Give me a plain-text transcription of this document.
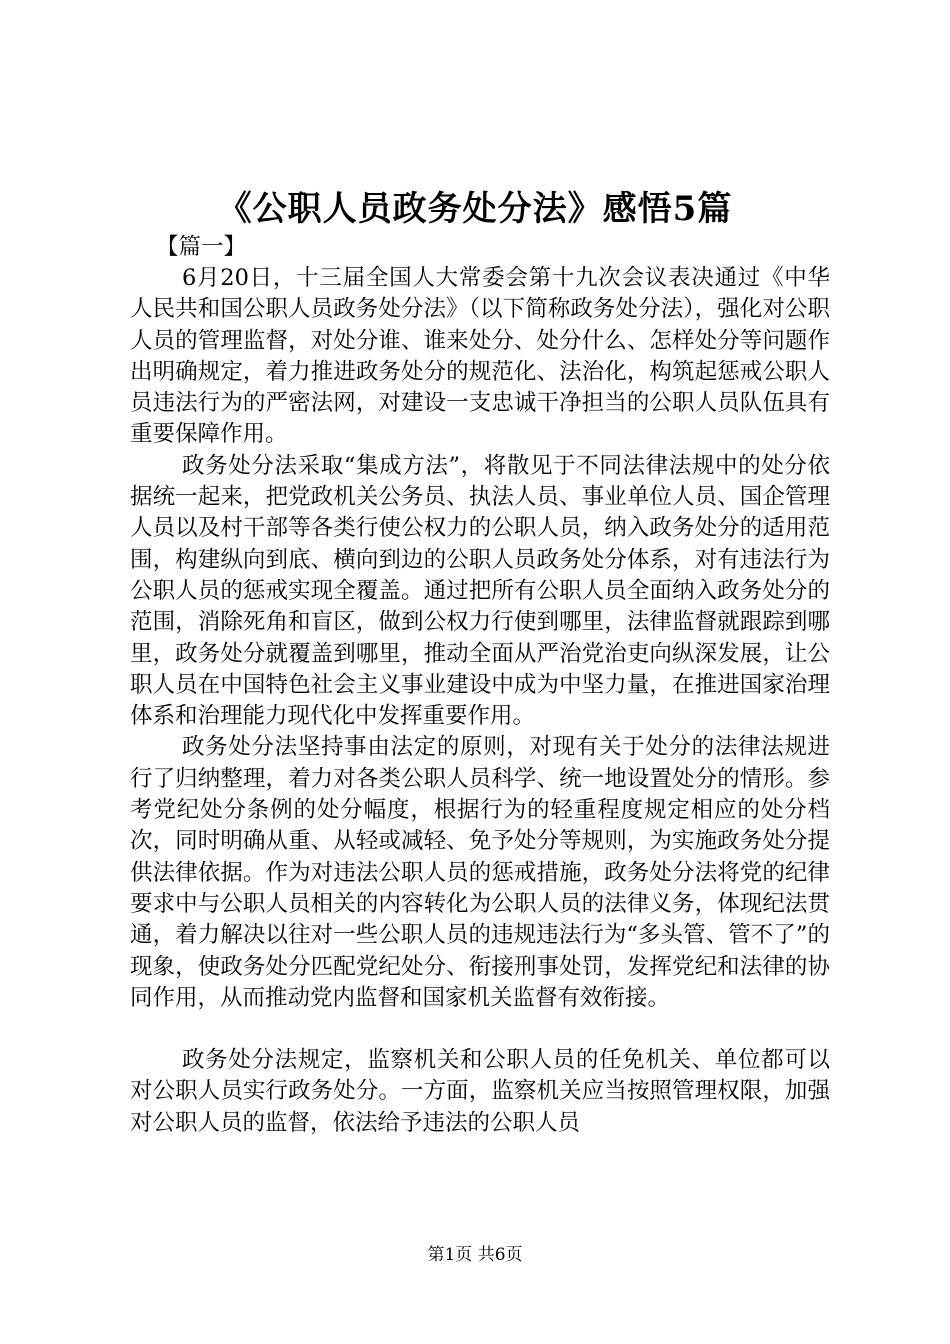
《公职人员政务处分法》感悟5篇
【篇一】

6月20日，十三届全国人大常委会第十九次会议表决通过《中华人民共和国公职人员政务处分法》（以下简称政务处分法），强化对公职人员的管理监督，对处分谁、谁来处分、处分什么、怎样处分等问题作出明确规定，着力推进政务处分的规范化、法治化，构筑起惩戒公职人员违法行为的严密法网，对建设一支忠诚干净担当的公职人员队伍具有重要保障作用。

政务处分法采取“集成方法”，将散见于不同法律法规中的处分依据统一起来，把党政机关公务员、执法人员、事业单位人员、国企管理人员以及村干部等各类行使公权力的公职人员，纳入政务处分的适用范围，构建纵向到底、横向到边的公职人员政务处分体系，对有违法行为公职人员的惩戒实现全覆盖。通过把所有公职人员全面纳入政务处分的范围，消除死角和盲区，做到公权力行使到哪里，法律监督就跟踪到哪里，政务处分就覆盖到哪里，推动全面从严治党治吏向纵深发展，让公职人员在中国特色社会主义事业建设中成为中坚力量，在推进国家治理体系和治理能力现代化中发挥重要作用。

政务处分法坚持事由法定的原则，对现有关于处分的法律法规进行了归纳整理，着力对各类公职人员科学、统一地设置处分的情形。参考党纪处分条例的处分幅度，根据行为的轻重程度规定相应的处分档次，同时明确从重、从轻或减轻、免予处分等规则，为实施政务处分提供法律依据。作为对违法公职人员的惩戒措施，政务处分法将党的纪律要求中与公职人员相关的内容转化为公职人员的法律义务，体现纪法贯通，着力解决以往对一些公职人员的违规违法行为“多头管、管不了”的现象，使政务处分匹配党纪处分、衔接刑事处罚，发挥党纪和法律的协同作用，从而推动党内监督和国家机关监督有效衔接。

政务处分法规定，监察机关和公职人员的任免机关、单位都可以对公职人员实行政务处分。一方面，监察机关应当按照管理权限，加强对公职人员的监督，依法给予违法的公职人员

第1页 共6页
